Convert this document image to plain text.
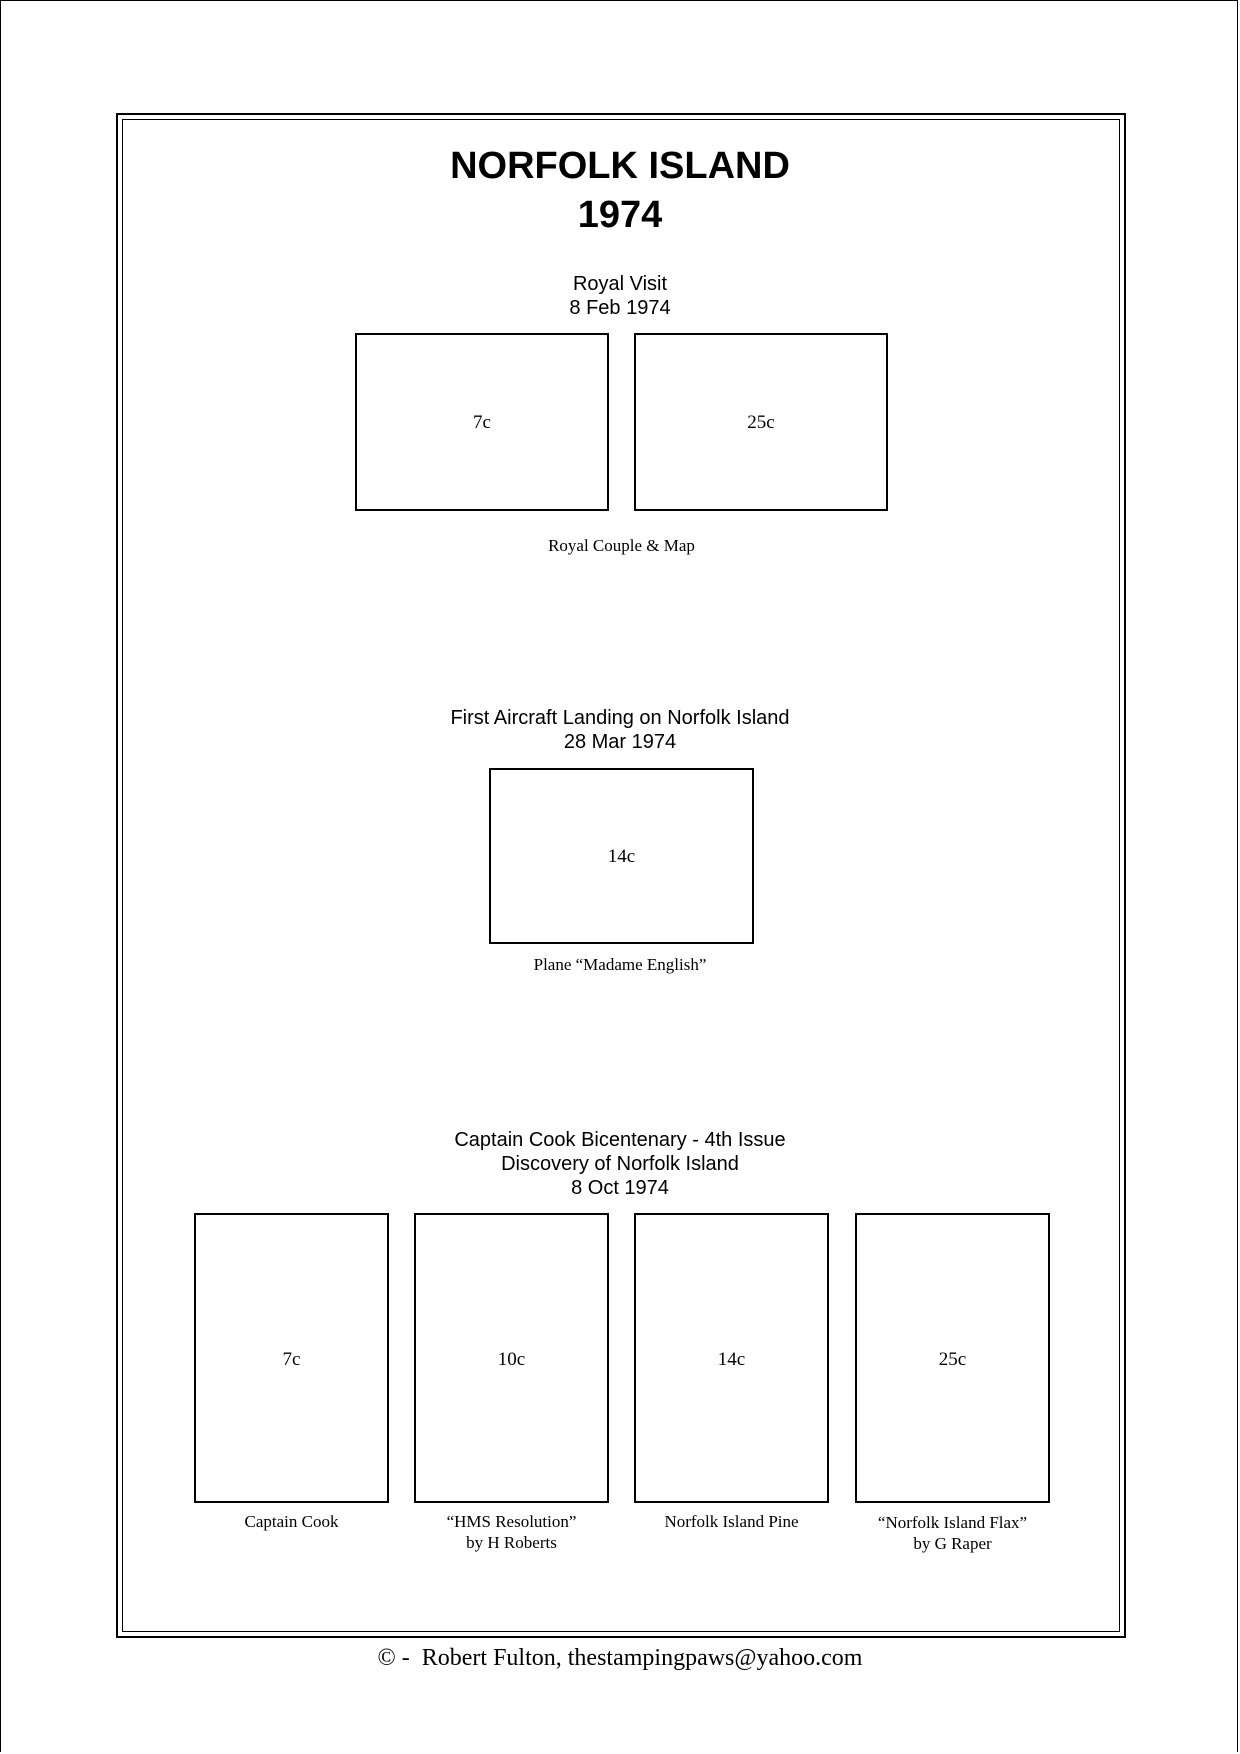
NORFOLK ISLAND
1974
Royal Visit
8 Feb 1974
7c	25c
Royal Couple & Map
First Aircraft Landing on Norfolk Island
28 Mar 1974
14c
Plane “Madame English”
Captain Cook Bicentenary - 4th Issue
Discovery of Norfolk Island
8 Oct 1974
7c	10c	14c	25c
Captain Cook	“HMS Resolution”
by H Roberts
Norfolk Island Pine	“Norfolk Island Flax”
by G Raper
© -  Robert Fulton, thestampingpaws@yahoo.com
